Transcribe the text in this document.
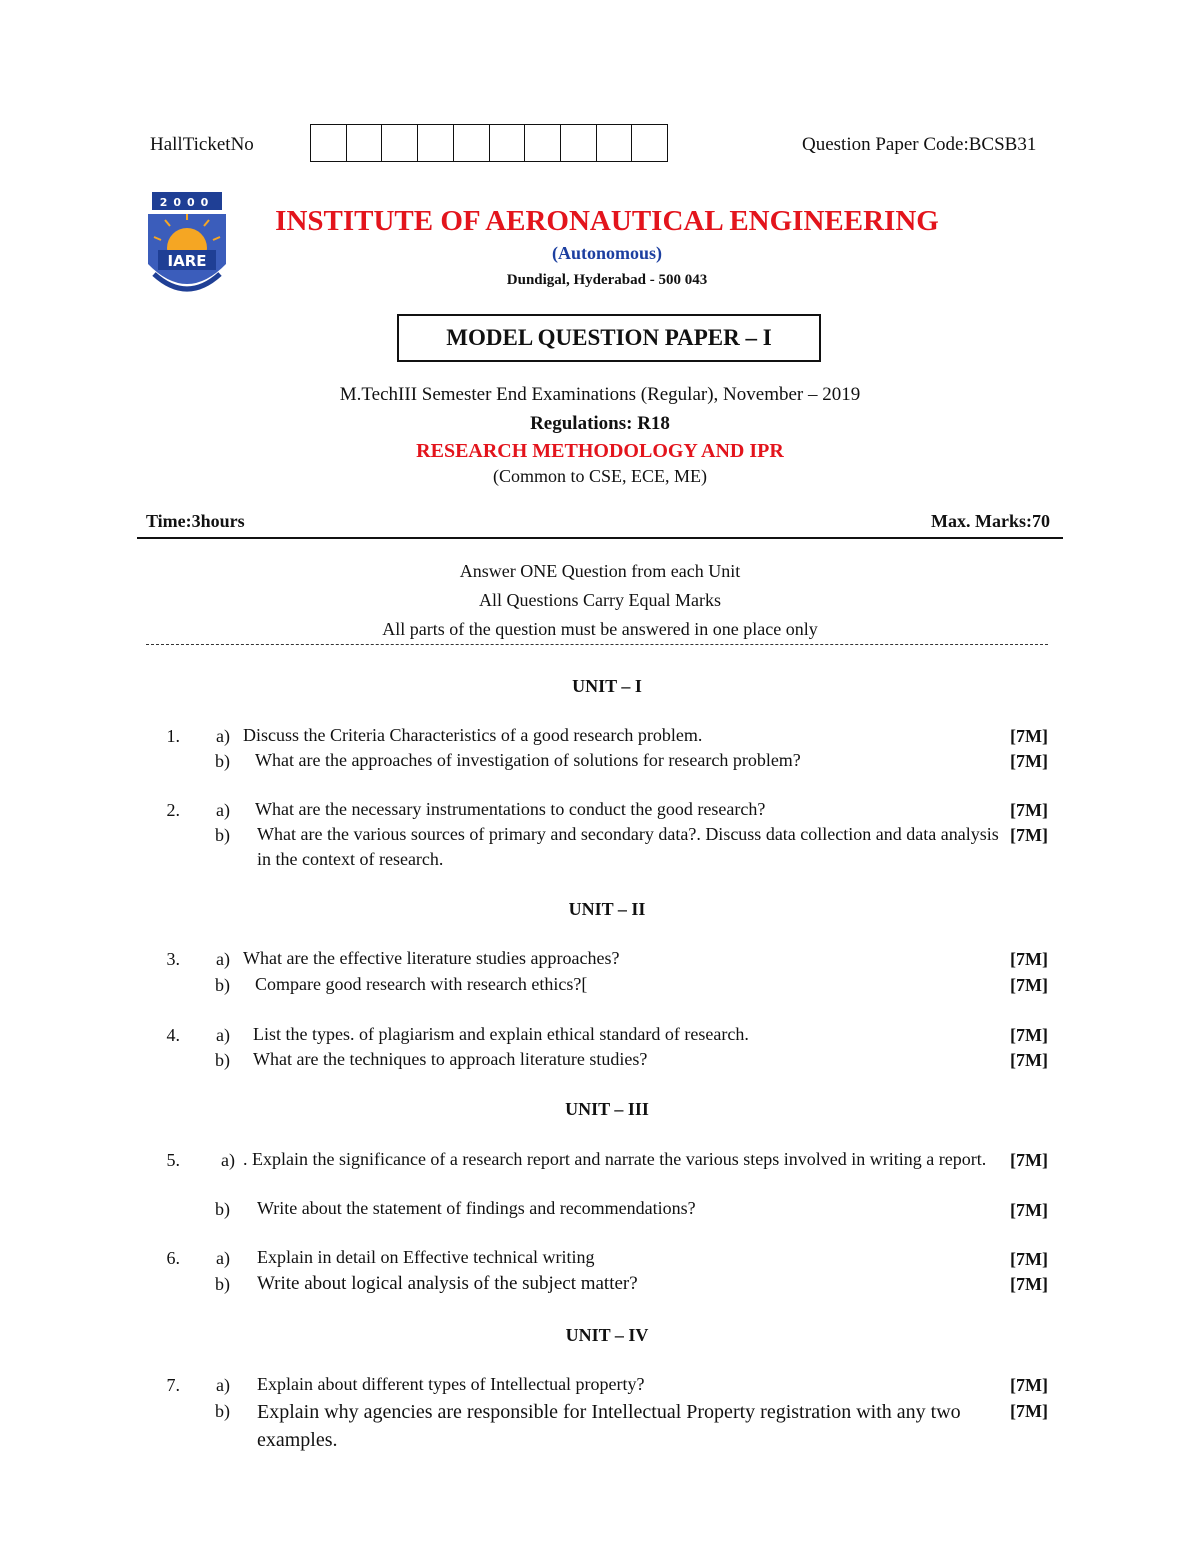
HallTicketNo	Question Paper Code:BCSB31
2000
IARE
INSTITUTE OF AERONAUTICAL ENGINEERING
(Autonomous)
Dundigal, Hyderabad - 500 043
MODEL QUESTION PAPER – I
M.TechIII Semester End Examinations (Regular), November – 2019
Regulations: R18
RESEARCH METHODOLOGY AND IPR
(Common to CSE, ECE, ME)
Time:3hours	Max. Marks:70
Answer ONE Question from each Unit
All Questions Carry Equal Marks
All parts of the question must be answered in one place only
UNIT – I
1.	a) Discuss the Criteria Characteristics of a good research problem.	[7M]
b) What are the approaches of investigation of solutions for research problem?	[7M]
2.	a) What are the necessary instrumentations to conduct the good research?	[7M]
b) What are the various sources of primary and secondary data?. Discuss data collection and data analysis in the context of research.
[7M]
UNIT – II
3.	a) What are the effective literature studies approaches?	[7M]
b) Compare good research with research ethics?[	[7M]
4.	a) List the types. of plagiarism and explain ethical standard of research.	[7M]
b) What are the techniques to approach literature studies?	[7M]
UNIT – III
5.	a) . Explain the significance of a research report and narrate the various steps involved in writing a report.	[7M]
b) Write about the statement of findings and recommendations?	[7M]
6.	a) Explain in detail on Effective technical writing	[7M]
b) Write about logical analysis of the subject matter?	[7M]
UNIT – IV
7.	a) Explain about different types of Intellectual property?	[7M]
b) Explain why agencies are responsible for Intellectual Property registration with any two examples.
[7M]
